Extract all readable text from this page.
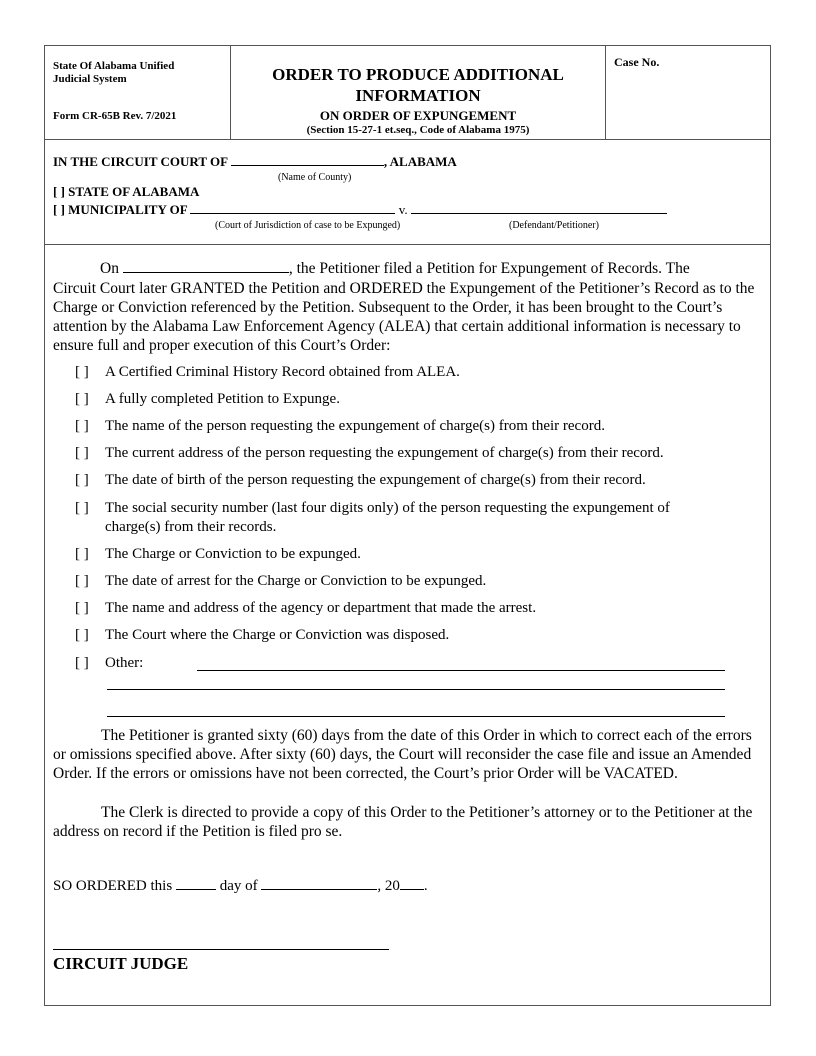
State Of Alabama Unified Judicial System
Form CR-65B Rev. 7/2021
ORDER TO PRODUCE ADDITIONAL INFORMATION
ON ORDER OF EXPUNGEMENT
(Section 15-27-1 et.seq., Code of Alabama 1975)
Case No.
IN THE CIRCUIT COURT OF	, ALABAMA
(Name of County)
[ ] STATE OF ALABAMA
[ ] MUNICIPALITY OF	v.
(Court of Jurisdiction of case to be Expunged)	(Defendant/Petitioner)
On	, the Petitioner filed a Petition for Expungement of Records. The
Circuit Court later GRANTED the Petition and ORDERED the Expungement of the Petitioner’s Record as to the Charge or Conviction referenced by the Petition. Subsequent to the Order, it has been brought to the Court’s attention by the Alabama Law Enforcement Agency (ALEA) that certain additional information is necessary to ensure full and proper execution of this Court’s Order:
[ ] A Certified Criminal History Record obtained from ALEA.
[ ] A fully completed Petition to Expunge.
[ ] The name of the person requesting the expungement of charge(s) from their record.
[ ] The current address of the person requesting the expungement of charge(s) from their record.
[ ] The date of birth of the person requesting the expungement of charge(s) from their record.
[ ] The social security number (last four digits only) of the person requesting the expungement of
charge(s) from their records.
[ ] The Charge or Conviction to be expunged.
[ ] The date of arrest for the Charge or Conviction to be expunged.
[ ] The name and address of the agency or department that made the arrest.
[ ] The Court where the Charge or Conviction was disposed.
[ ] Other:
The Petitioner is granted sixty (60) days from the date of this Order in which to correct each of the errors or omissions specified above. After sixty (60) days, the Court will reconsider the case file and issue an Amended Order. If the errors or omissions have not been corrected, the Court’s prior Order will be VACATED.
The Clerk is directed to provide a copy of this Order to the Petitioner’s attorney or to the Petitioner at the address on record if the Petition is filed pro se.
SO ORDERED this	day of	, 20 .
CIRCUIT JUDGE
